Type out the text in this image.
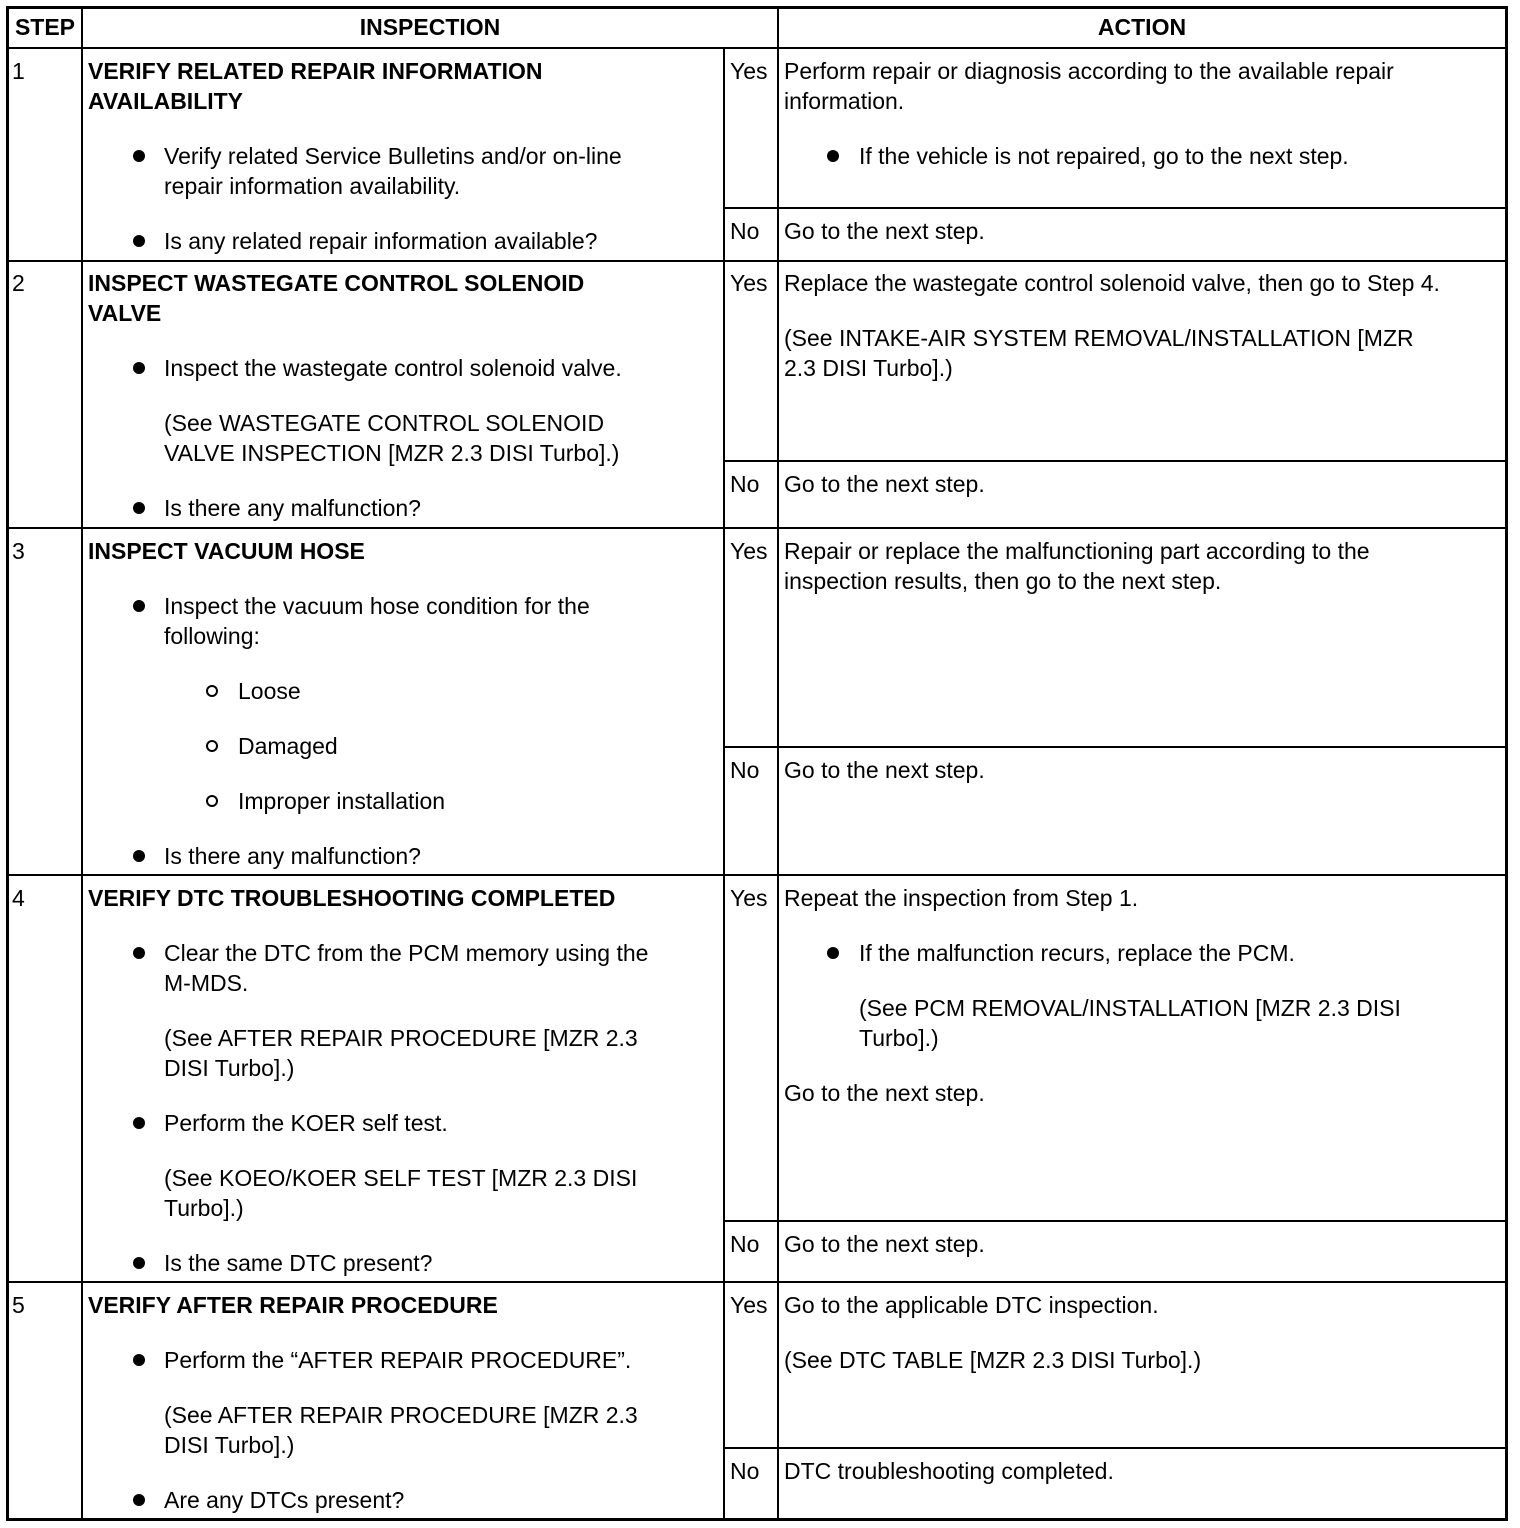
STEP	INSPECTION	ACTION
1	VERIFY RELATED REPAIR INFORMATION
AVAILABILITY
Verify related Service Bulletins and/or on-line
repair information availability.
Is any related repair information available?
Yes Perform repair or diagnosis according to the available repair
information.
If the vehicle is not repaired, go to the next step.
No Go to the next step.
2	INSPECT WASTEGATE CONTROL SOLENOID
VALVE
Inspect the wastegate control solenoid valve.
(See WASTEGATE CONTROL SOLENOID
VALVE INSPECTION [MZR 2.3 DISI Turbo].)
Is there any malfunction?
Yes Replace the wastegate control solenoid valve, then go to Step 4.
(See INTAKE-AIR SYSTEM REMOVAL/INSTALLATION [MZR
2.3 DISI Turbo].)
No Go to the next step.
3	INSPECT VACUUM HOSE
Inspect the vacuum hose condition for the
following:
Loose
Damaged
Improper installation
Is there any malfunction?
Yes Repair or replace the malfunctioning part according to the
inspection results, then go to the next step.
No Go to the next step.
4	VERIFY DTC TROUBLESHOOTING COMPLETED
Clear the DTC from the PCM memory using the
M-MDS.
(See AFTER REPAIR PROCEDURE [MZR 2.3
DISI Turbo].)
Perform the KOER self test.
(See KOEO/KOER SELF TEST [MZR 2.3 DISI
Turbo].)
Is the same DTC present?
Yes Repeat the inspection from Step 1.
If the malfunction recurs, replace the PCM.
(See PCM REMOVAL/INSTALLATION [MZR 2.3 DISI
Turbo].)
Go to the next step.
No Go to the next step.
5	VERIFY AFTER REPAIR PROCEDURE
Perform the “AFTER REPAIR PROCEDURE”.
(See AFTER REPAIR PROCEDURE [MZR 2.3
DISI Turbo].)
Are any DTCs present?
Yes Go to the applicable DTC inspection.
(See DTC TABLE [MZR 2.3 DISI Turbo].)
No DTC troubleshooting completed.
